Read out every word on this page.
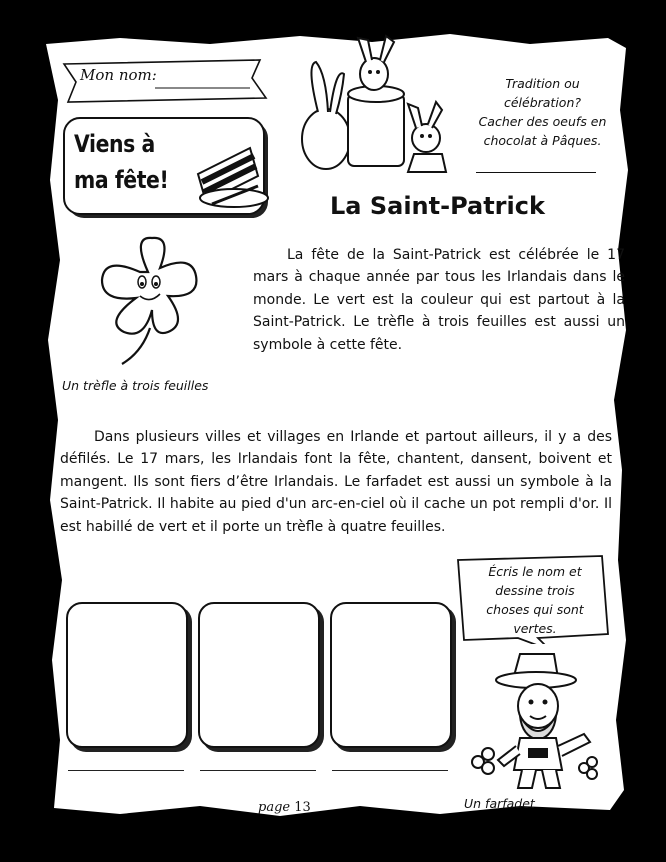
Mon nom:	Tradition ou
célébration?
Cacher des oeufs en
chocolat à Pâques.
Viens à
ma fête!
La Saint-Patrick
La fête de la Saint-Patrick est célébrée le 17 mars à chaque année par tous les Irlandais dans le monde. Le vert est la couleur qui est partout à la Saint-Patrick. Le trèfle à trois feuilles est aussi un symbole à cette fête.
Un trèfle à trois feuilles
Dans plusieurs villes et villages en Irlande et partout ailleurs, il y a des défilés. Le 17 mars, les Irlandais font la fête, chantent, dansent, boivent et mangent. Ils sont fiers d’être Irlandais. Le farfadet est aussi un symbole à la Saint-Patrick. Il habite au pied d'un arc-en-ciel où il cache un pot rempli d'or. Il est habillé de vert et il porte un trèfle à quatre feuilles.
Écris le nom et
dessine trois
choses qui sont
vertes.
Un farfadet
page 13
